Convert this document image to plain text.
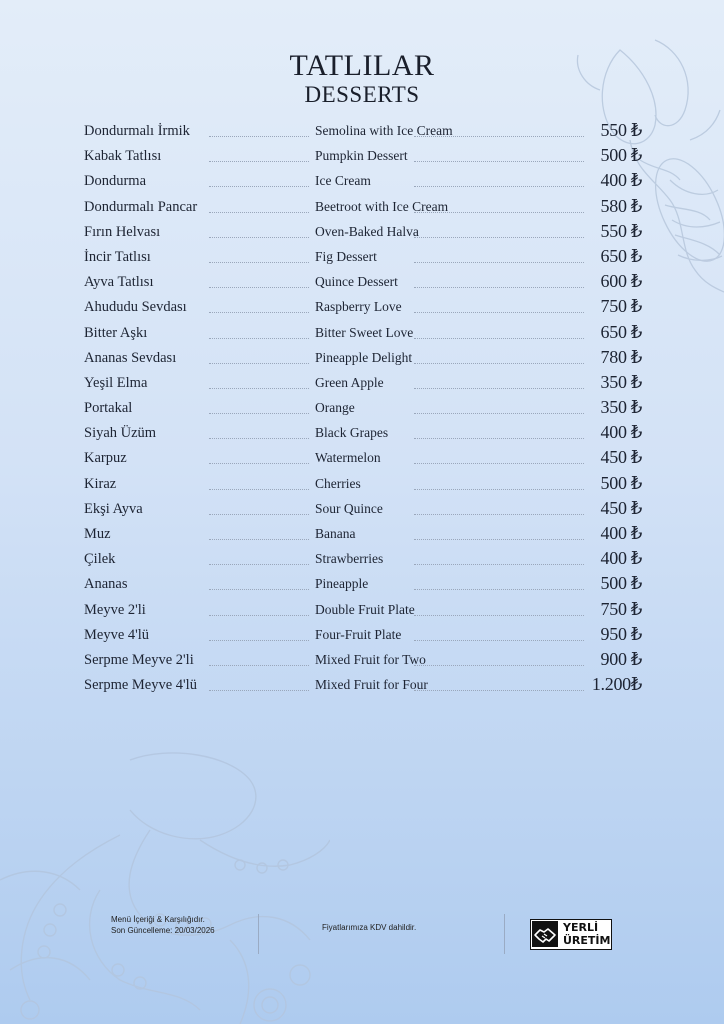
TATLILAR
DESSERTS
Dondurmalı İrmik	Semolina with Ice Cream	550 ₺
Kabak Tatlısı	Pumpkin Dessert	500 ₺
Dondurma	Ice Cream	400 ₺
Dondurmalı Pancar	Beetroot with Ice Cream	580 ₺
Fırın Helvası	Oven-Baked Halva	550 ₺
İncir Tatlısı	Fig Dessert	650 ₺
Ayva Tatlısı	Quince Dessert	600 ₺
Ahududu Sevdası	Raspberry Love	750 ₺
Bitter Aşkı	Bitter Sweet Love	650 ₺
Ananas Sevdası	Pineapple Delight	780 ₺
Yeşil Elma	Green Apple	350 ₺
Portakal	Orange	350 ₺
Siyah Üzüm	Black Grapes	400 ₺
Karpuz	Watermelon	450 ₺
Kiraz	Cherries	500 ₺
Ekşi Ayva	Sour Quince	450 ₺
Muz	Banana	400 ₺
Çilek	Strawberries	400 ₺
Ananas	Pineapple	500 ₺
Meyve 2'li	Double Fruit Plate	750 ₺
Meyve 4'lü	Four-Fruit Plate	950 ₺
Serpme Meyve 2'li	Mixed Fruit for Two	900 ₺
Serpme Meyve 4'lü	Mixed Fruit for Four	1.200₺
Menü İçeriği & Karşılığıdır.
Son Güncelleme: 20/03/2026	Fiyatlarımıza KDV dahildir.	YERLİ
ÜRETİM
